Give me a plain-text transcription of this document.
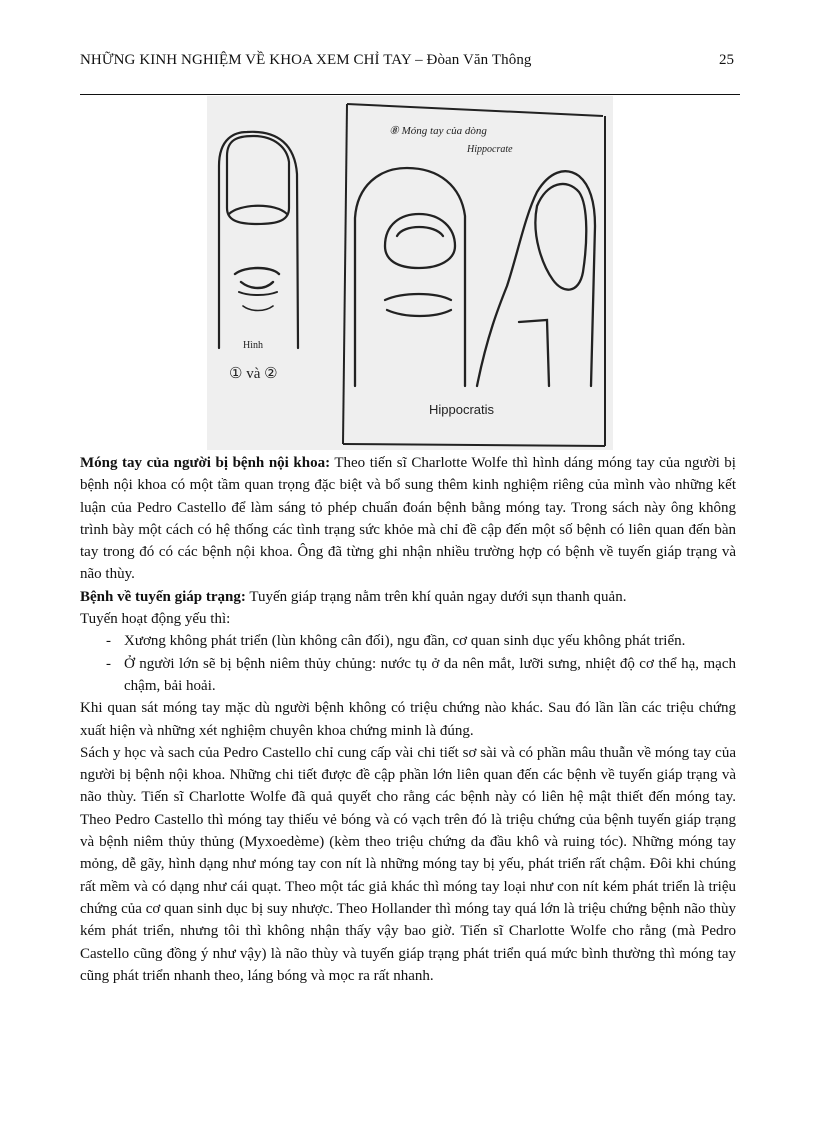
NHỮNG KINH NGHIỆM VỀ KHOA XEM CHỈ TAY – Đòan Văn Thông	25
Hình
① và ②
⑧ Móng tay của dòng
Hippocrate
Hippocratis

Móng tay của người bị bệnh nội khoa: Theo tiến sĩ Charlotte Wolfe thì hình dáng móng tay của người bị bệnh nội khoa có một tầm quan trọng đặc biệt và bổ sung thêm kinh nghiệm riêng của mình vào những kết luận của Pedro Castello để làm sáng tỏ phép chuẩn đoán bệnh bằng móng tay. Trong sách này ông không trình bày một cách có hệ thống các tình trạng sức khỏe mà chỉ đề cập đến một số bệnh có liên quan đến bàn tay trong đó có các bệnh nội khoa. Ông đã từng ghi nhận nhiều trường hợp có bệnh về tuyến giáp trạng và não thùy.

Bệnh về tuyến giáp trạng: Tuyến giáp trạng nằm trên khí quản ngay dưới sụn thanh quản.

Tuyến hoạt động yếu thì:

- Xương không phát triển (lùn không cân đối), ngu đần, cơ quan sinh dục yếu không phát triển.
- Ở người lớn sẽ bị bệnh niêm thủy chủng: nước tụ ở da nên mắt, lưỡi sưng, nhiệt độ cơ thể hạ, mạch chậm, bải hoải.

Khi quan sát móng tay mặc dù người bệnh không có triệu chứng nào khác. Sau đó lần lần các triệu chứng xuất hiện và những xét nghiệm chuyên khoa chứng minh là đúng.

Sách y học và sach của Pedro Castello chỉ cung cấp vài chi tiết sơ sài và có phần mâu thuẫn về móng tay của người bị bệnh nội khoa. Những chi tiết được đề cập phần lớn liên quan đến các bệnh về tuyến giáp trạng và não thùy. Tiến sĩ Charlotte Wolfe đã quả quyết cho rằng các bệnh này có liên hệ mật thiết đến móng tay. Theo Pedro Castello thì móng tay thiếu vẻ bóng và có vạch trên đó là triệu chứng của bệnh tuyến giáp trạng và bệnh niêm thủy thủng (Myxoedème) (kèm theo triệu chứng da đầu khô và ruing tóc). Những móng tay mỏng, dễ gãy, hình dạng như móng tay con nít là những móng tay bị yếu, phát triển rất chậm. Đôi khi chúng rất mềm và có dạng như cái quạt. Theo một tác giả khác thì móng tay loại như con nít kém phát triển là triệu chứng của cơ quan sinh dục bị suy nhược. Theo Hollander thì móng tay quá lớn là triệu chứng bệnh não thùy kém phát triển, nhưng tôi thì không nhận thấy vậy bao giờ. Tiến sĩ Charlotte Wolfe cho rằng (mà Pedro Castello cũng đồng ý như vậy) là não thùy và tuyến giáp trạng phát triển quá mức bình thường thì móng tay cũng phát triển nhanh theo, láng bóng và mọc ra rất nhanh.
